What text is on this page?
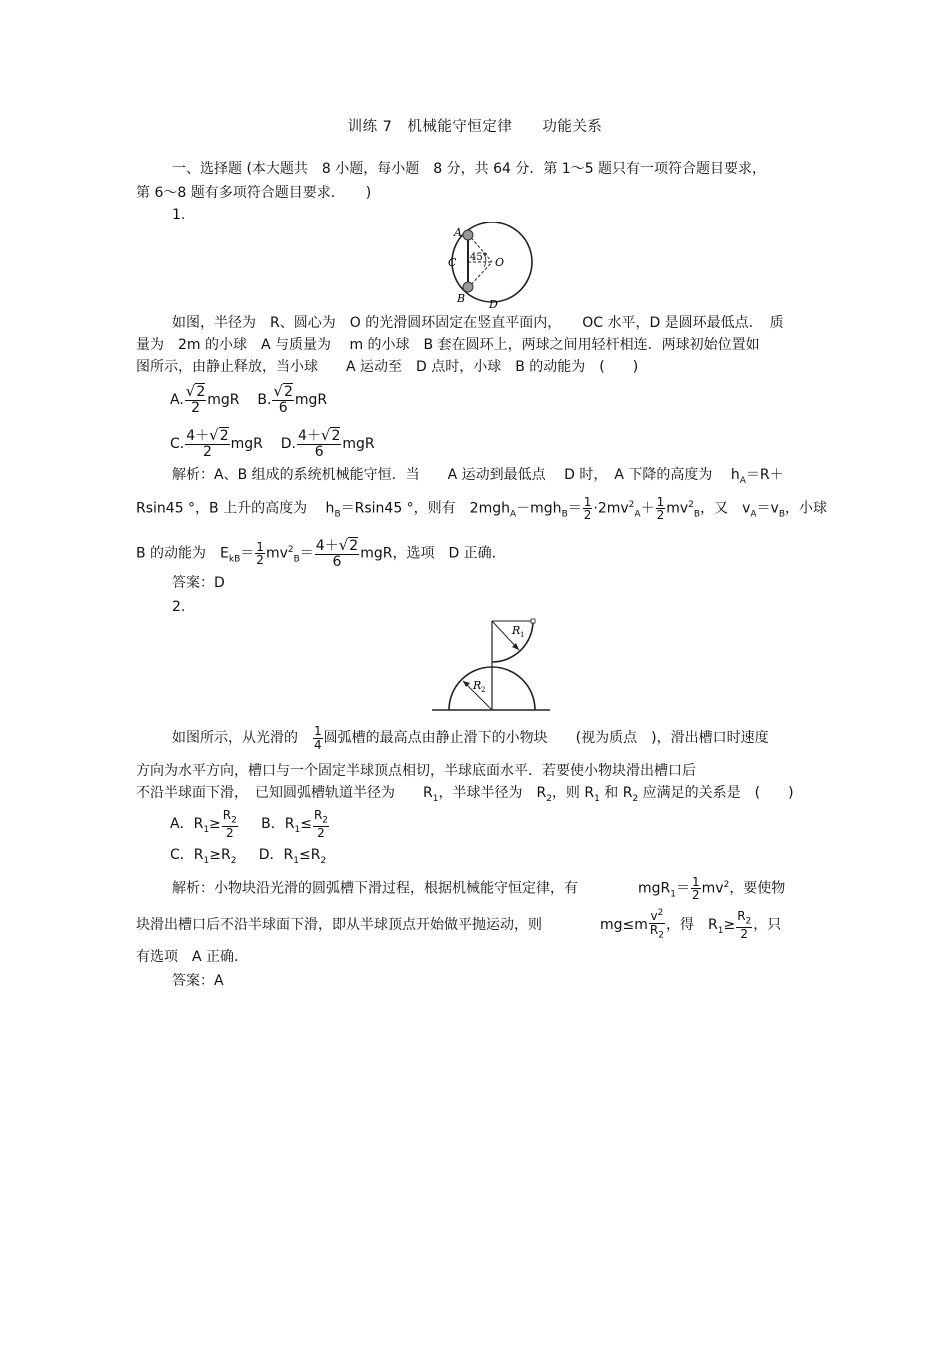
训练 7　机械能守恒定律　　功能关系
一、选择题 (本大题共　8 小题，每小题　8 分，共 64 分．第 1～5 题只有一项符合题目要求，
第 6～8 题有多项符合题目要求．　　)
1.
A
B
C
D
O
45°
如图，半径为　R、圆心为　O 的光滑圆环固定在竖直平面内，　　OC 水平，D 是圆环最低点．　质
量为　2m 的小球　A 与质量为　 m 的小球　B 套在圆环上，两球之间用轻杆相连．两球初始位置如
图所示，由静止释放，当小球　　A 运动至　D 点时，小球　B 的动能为　(　　)
A. $\frac{√2}{2}$ mgR B. $\frac{√2}{6}$ mgR
C. $\frac{4+√2}{2}$ mgR D. $\frac{4+√2}{6}$ mgR
解析：A、B 组成的系统机械能守恒．当　　A 运动到最低点　 D 时，　A 下降的高度为　 $h_A=R+$
Rsin45 °，B 上升的高度为　 $h_B=Rsin45$ °，则有　$2mgh_A-mgh_B= \frac{1}{2} \cdot 2mv^2_A+ \frac{1}{2} mv^2_B$，又　$v_A=v_B$，小球
B 的动能为　$E_{kB}= \frac{1}{2} mv^2_B= \frac{4+√2}{6}$ mgR，选项　D 正确．
答案：D
2.
R 1
R 2
如图所示，从光滑的　 $\frac{1}{4}$ 圆弧槽的最高点由静止滑下的小物块　　(视为质点　)，滑出槽口时速度
方向为水平方向，槽口与一个固定半球顶点相切，半球底面水平．若要使小物块滑出槽口后
不沿半球面下滑，　已知圆弧槽轨道半径为　　$R_1$，半球半径为　$R_2$，则 $R_1$ 和 $R_2$ 应满足的关系是　(　　)
A．$R_1\ge \frac{R_2}{2}$ B．$R_1\le \frac{R_2}{2}$
C．$R_1\ge R_2$ D．$R_1\le R_2$
解析：小物块沿光滑的圆弧槽下滑过程，根据机械能守恒定律，有	$mgR_1= \frac{1}{2} mv^2$，要使物
块滑出槽口后不沿半球面下滑，即从半球顶点开始做平抛运动，则	$mg\le m \frac{v^2}{R_2}$ ，得　$R_1\ge \frac{R_2}{2}$ ，只
有选项　A 正确．
答案：A
